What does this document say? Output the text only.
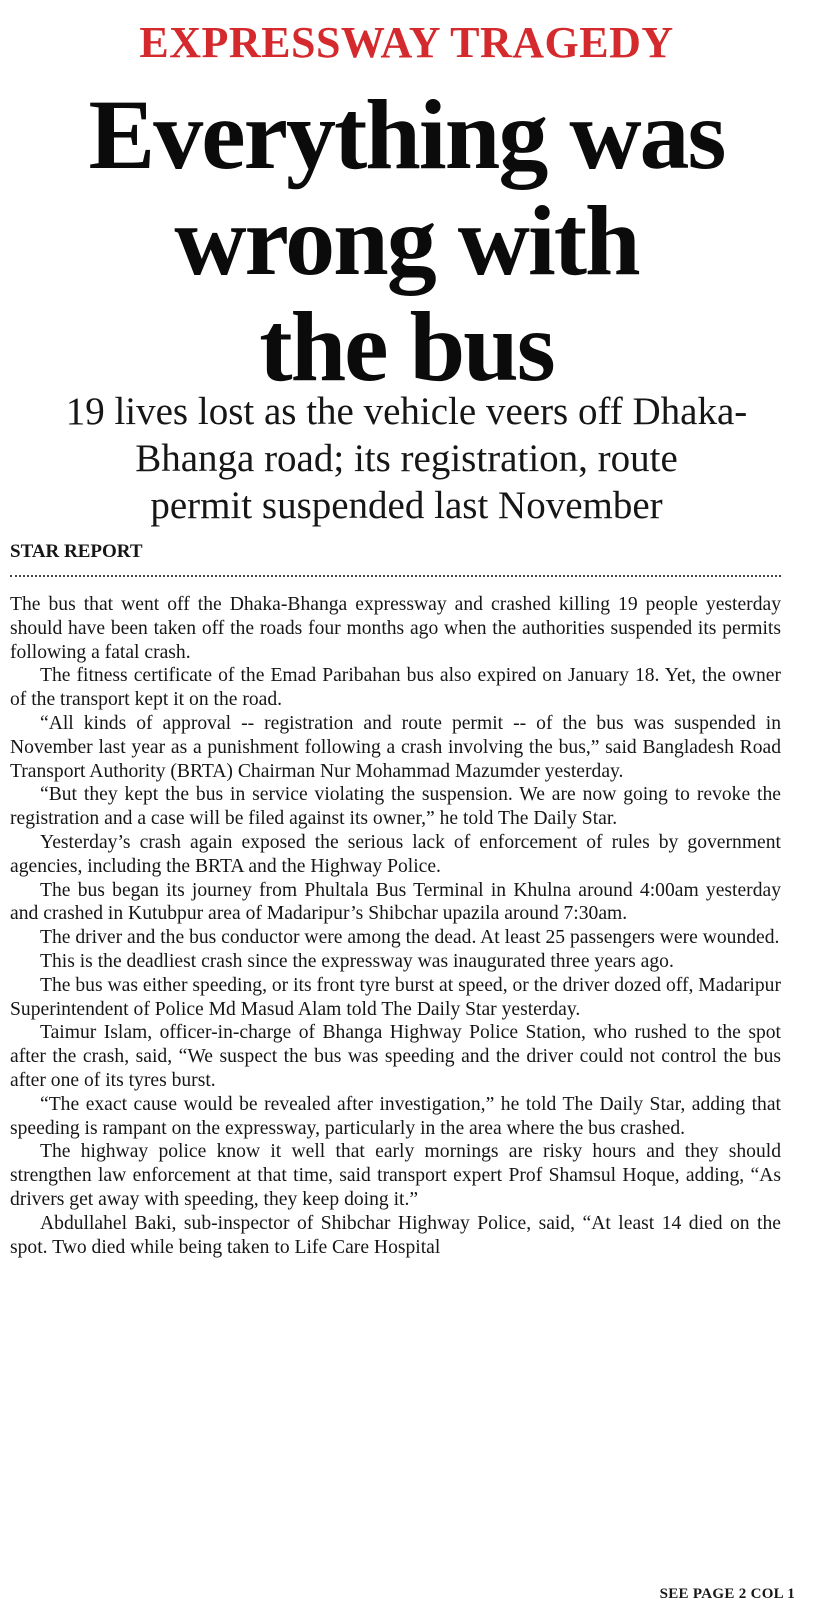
EXPRESSWAY TRAGEDY
Everything was
wrong with
the bus
19 lives lost as the vehicle veers off Dhaka-
Bhanga road; its registration, route
permit suspended last November
STAR REPORT

The bus that went off the Dhaka-Bhanga expressway and crashed killing 19 people yesterday should have been taken off the roads four months ago when the authorities suspended its permits following a fatal crash.

The fitness certificate of the Emad Paribahan bus also expired on January 18. Yet, the owner of the transport kept it on the road.

“All kinds of approval -- registration and route permit -- of the bus was suspended in November last year as a punishment following a crash involving the bus,” said Bangladesh Road Transport Authority (BRTA) Chairman Nur Mohammad Mazumder yesterday.

“But they kept the bus in service violating the suspension. We are now going to revoke the registration and a case will be filed against its owner,” he told The Daily Star.

Yesterday’s crash again exposed the serious lack of enforcement of rules by government agencies, including the BRTA and the Highway Police.

The bus began its journey from Phultala Bus Terminal in Khulna around 4:00am yesterday and crashed in Kutubpur area of Madaripur’s Shibchar upazila around 7:30am.

The driver and the bus conductor were among the dead. At least 25 passengers were wounded.

This is the deadliest crash since the expressway was inaugurated three years ago.

The bus was either speeding, or its front tyre burst at speed, or the driver dozed off, Madaripur Superintendent of Police Md Masud Alam told The Daily Star yesterday.

Taimur Islam, officer-in-charge of Bhanga Highway Police Station, who rushed to the spot after the crash, said, “We suspect the bus was speeding and the driver could not control the bus after one of its tyres burst.

“The exact cause would be revealed after investigation,” he told The Daily Star, adding that speeding is rampant on the expressway, particularly in the area where the bus crashed.

The highway police know it well that early mornings are risky hours and they should strengthen law enforcement at that time, said transport expert Prof Shamsul Hoque, adding, “As drivers get away with speeding, they keep doing it.”

Abdullahel Baki, sub-inspector of Shibchar Highway Police, said, “At least 14 died on the spot. Two died while being taken to Life Care Hospital

SEE PAGE 2 COL 1
